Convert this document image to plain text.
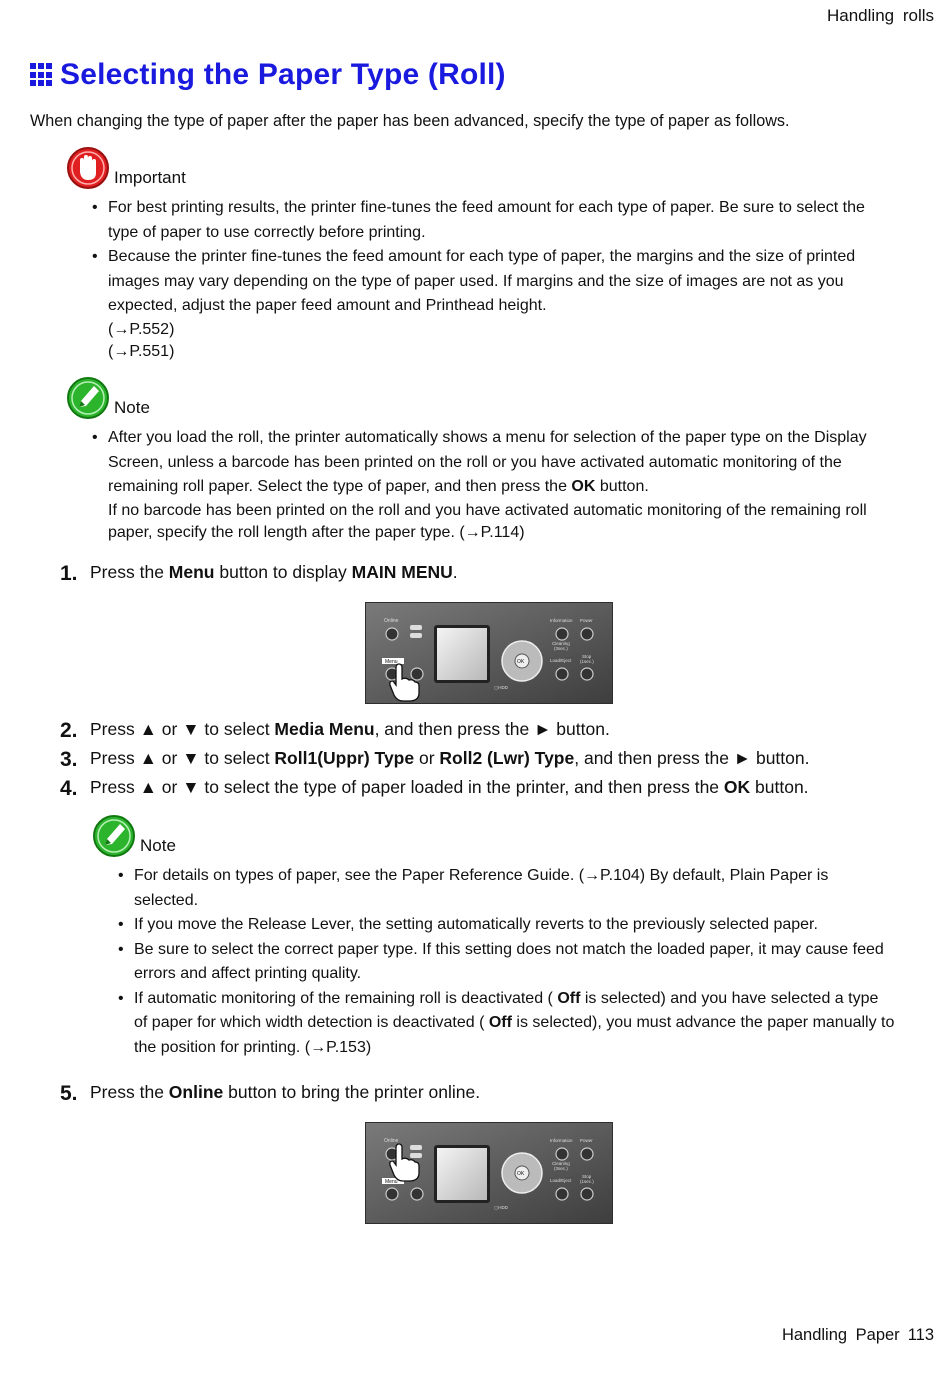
Handling rolls
Selecting the Paper Type (Roll)
When changing the type of paper after the paper has been advanced, specify the type of paper as follows.
Important
• For best printing results, the printer fine-tunes the feed amount for each type of paper. Be sure to select the type of paper to use correctly before printing.
• Because the printer fine-tunes the feed amount for each type of paper, the margins and the size of printed images may vary depending on the type of paper used. If margins and the size of images are not as you expected, adjust the paper feed amount and Printhead height.
(→P.552)
(→P.551)
Note
• After you load the roll, the printer automatically shows a menu for selection of the paper type on the Display Screen, unless a barcode has been printed on the roll or you have activated automatic monitoring of the remaining roll paper. Select the type of paper, and then press the OK button.
If no barcode has been printed on the roll and you have activated automatic monitoring of the remaining roll paper, specify the roll length after the paper type. (→P.114)
1. Press the Menu button to display MAIN MENU.
Online
Menu	OK
Information Power
Cleaning
(3sec.)
Load/Eject
Stop
(1sec.)
▢HDD
2. Press ▲ or ▼ to select Media Menu, and then press the ► button.
3. Press ▲ or ▼ to select Roll1(Uppr) Type or Roll2 (Lwr) Type, and then press the ► button.
4. Press ▲ or ▼ to select the type of paper loaded in the printer, and then press the OK button.
Note
• For details on types of paper, see the Paper Reference Guide. (→P.104) By default, Plain Paper is selected.
• If you move the Release Lever, the setting automatically reverts to the previously selected paper.
• Be sure to select the correct paper type. If this setting does not match the loaded paper, it may cause feed errors and affect printing quality.
• If automatic monitoring of the remaining roll is deactivated ( Off is selected) and you have selected a type of paper for which width detection is deactivated ( Off is selected), you must advance the paper manually to the position for printing. (→P.153)
5. Press the Online button to bring the printer online.
Online
Menu
OK
Information Power
Cleaning
(3sec.)
Load/Eject
Stop
(1sec.)
▢HDD
Handling Paper 113
